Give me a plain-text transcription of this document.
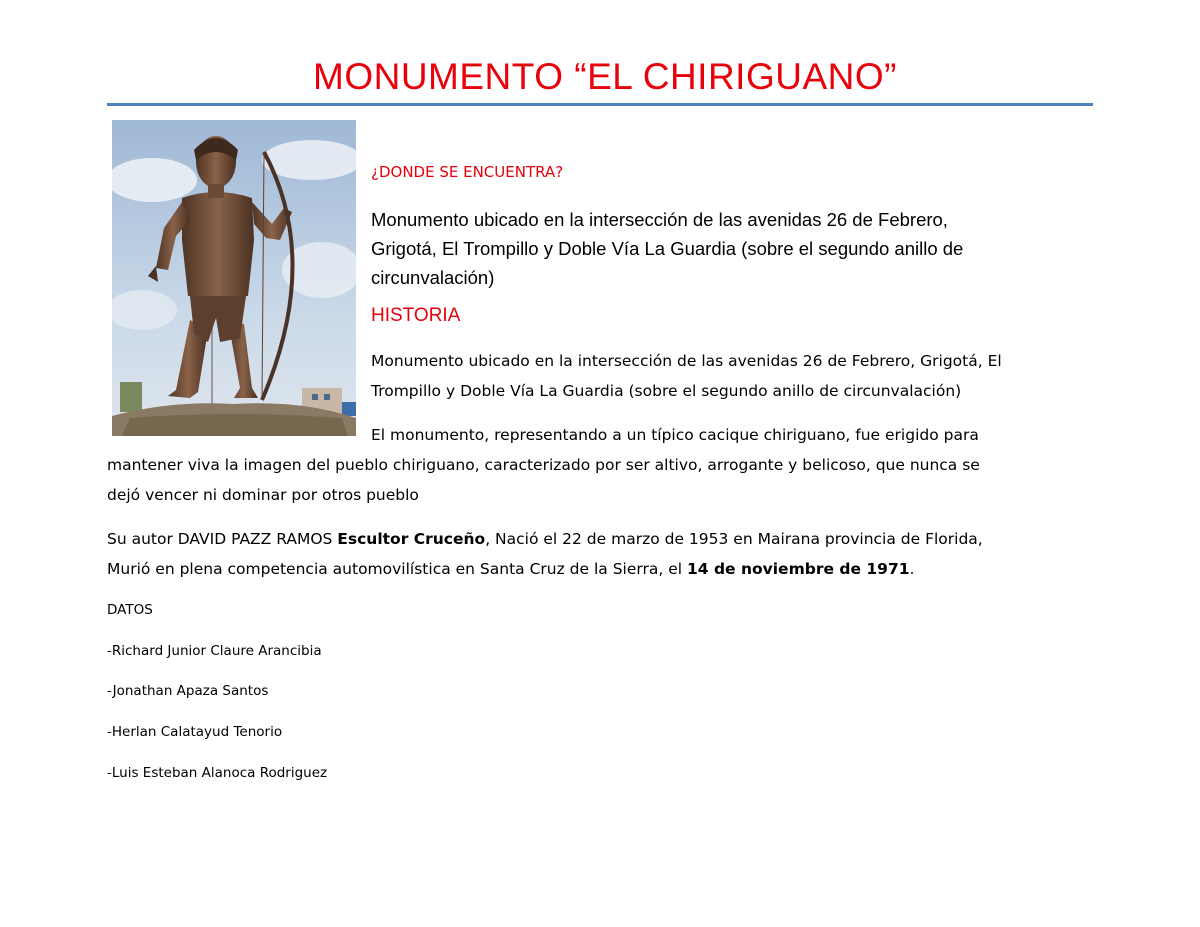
MONUMENTO “EL CHIRIGUANO”
¿DONDE SE ENCUENTRA?
Monumento ubicado en la intersección de las avenidas 26 de Febrero,
Grigotá, El Trompillo y Doble Vía La Guardia (sobre el segundo anillo de
circunvalación)
HISTORIA
Monumento ubicado en la intersección de las avenidas 26 de Febrero, Grigotá, El
Trompillo y Doble Vía La Guardia (sobre el segundo anillo de circunvalación)
El monumento, representando a un típico cacique chiriguano, fue erigido para
mantener viva la imagen del pueblo chiriguano, caracterizado por ser altivo, arrogante y belicoso, que nunca se
dejó vencer ni dominar por otros pueblo
Su autor DAVID PAZZ RAMOS Escultor Cruceño, Nació el 22 de marzo de 1953 en Mairana provincia de Florida,
Murió en plena competencia automovilística en Santa Cruz de la Sierra, el 14 de noviembre de 1971.
DATOS
-Richard Junior Claure Arancibia
-Jonathan Apaza Santos
-Herlan Calatayud Tenorio
-Luis Esteban Alanoca Rodriguez
